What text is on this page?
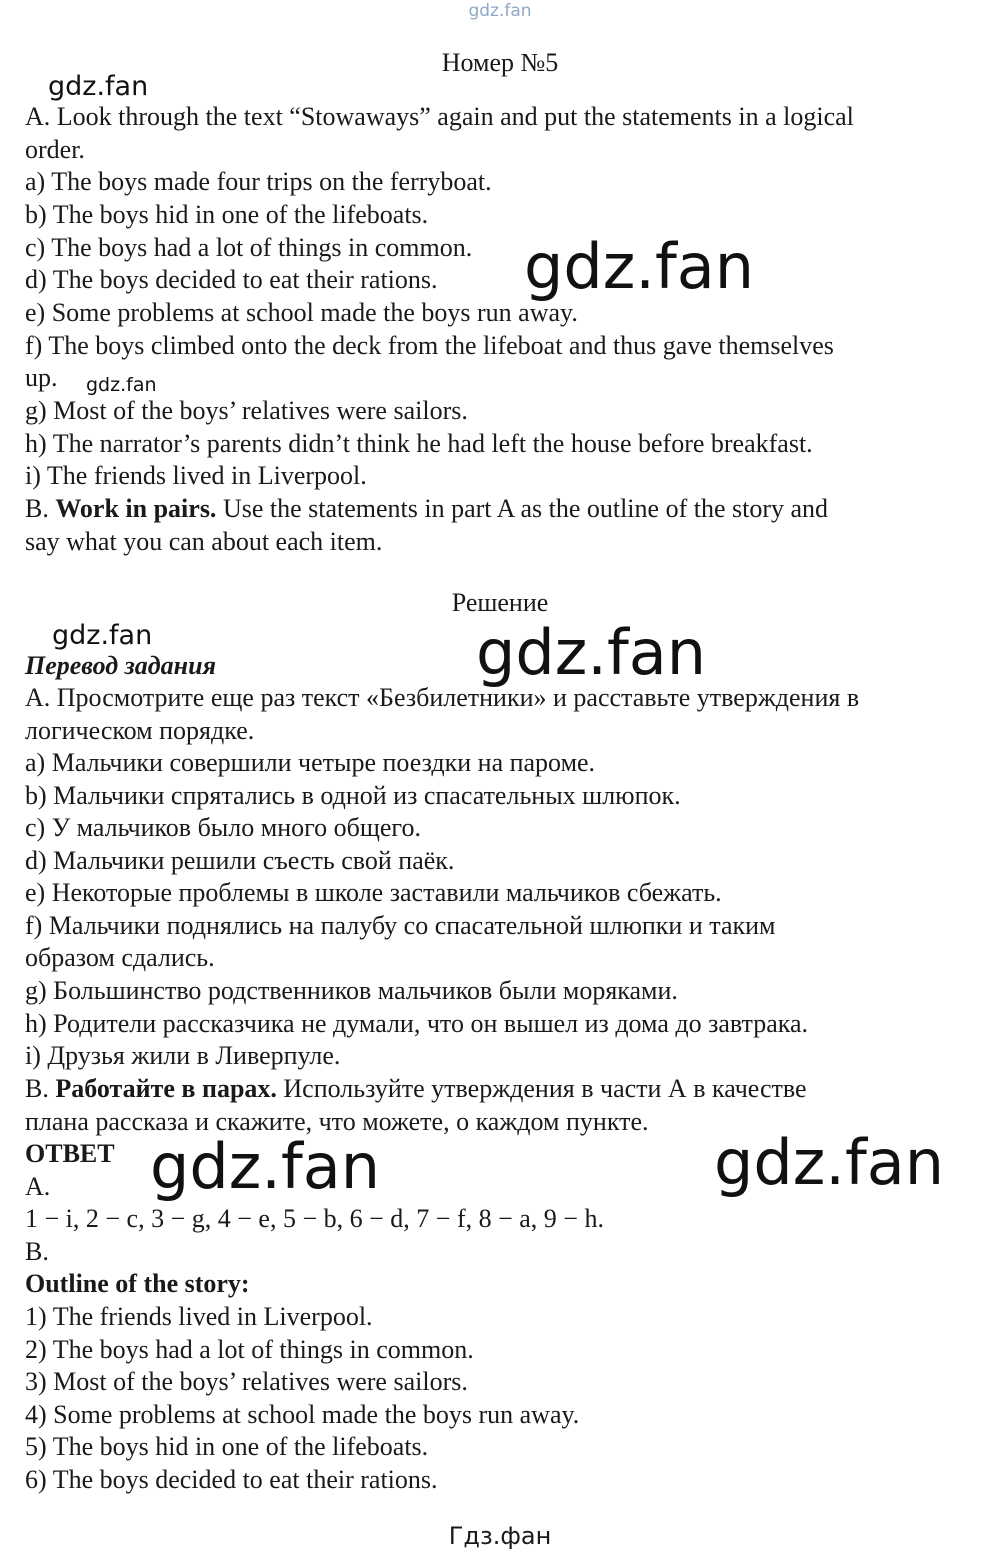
gdz.fan
gdz.fan
gdz.fan
gdz.fan
gdz.fan	gdz.fan
gdz.fan	gdz.fan
Номер №5
A. Look through the text “Stowaways” again and put the statements in a logical
order.
a) The boys made four trips on the ferryboat.
b) The boys hid in one of the lifeboats.
c) The boys had a lot of things in common.
d) The boys decided to eat their rations.
e) Some problems at school made the boys run away.
f) The boys climbed onto the deck from the lifeboat and thus gave themselves
up.
g) Most of the boys’ relatives were sailors.
h) The narrator’s parents didn’t think he had left the house before breakfast.
i) The friends lived in Liverpool.
B. Work in pairs. Use the statements in part A as the outline of the story and
say what you can about each item.
Решение
Перевод задания
A. Просмотрите еще раз текст «Безбилетники» и расставьте утверждения в
логическом порядке.
a) Мальчики совершили четыре поездки на пароме.
b) Мальчики спрятались в одной из спасательных шлюпок.
c) У мальчиков было много общего.
d) Мальчики решили съесть свой паёк.
e) Некоторые проблемы в школе заставили мальчиков сбежать.
f) Мальчики поднялись на палубу со спасательной шлюпки и таким
образом сдались.
g) Большинство родственников мальчиков были моряками.
h) Родители рассказчика не думали, что он вышел из дома до завтрака.
i) Друзья жили в Ливерпуле.
B. Работайте в парах. Используйте утверждения в части А в качестве
плана рассказа и скажите, что можете, о каждом пункте.
ОТВЕТ
A.
1 − i, 2 − c, 3 − g, 4 − e, 5 − b, 6 − d, 7 − f, 8 − a, 9 − h.
B.
Outline of the story:
1) The friends lived in Liverpool.
2) The boys had a lot of things in common.
3) Most of the boys’ relatives were sailors.
4) Some problems at school made the boys run away.
5) The boys hid in one of the lifeboats.
6) The boys decided to eat their rations.
Гдз.фан
